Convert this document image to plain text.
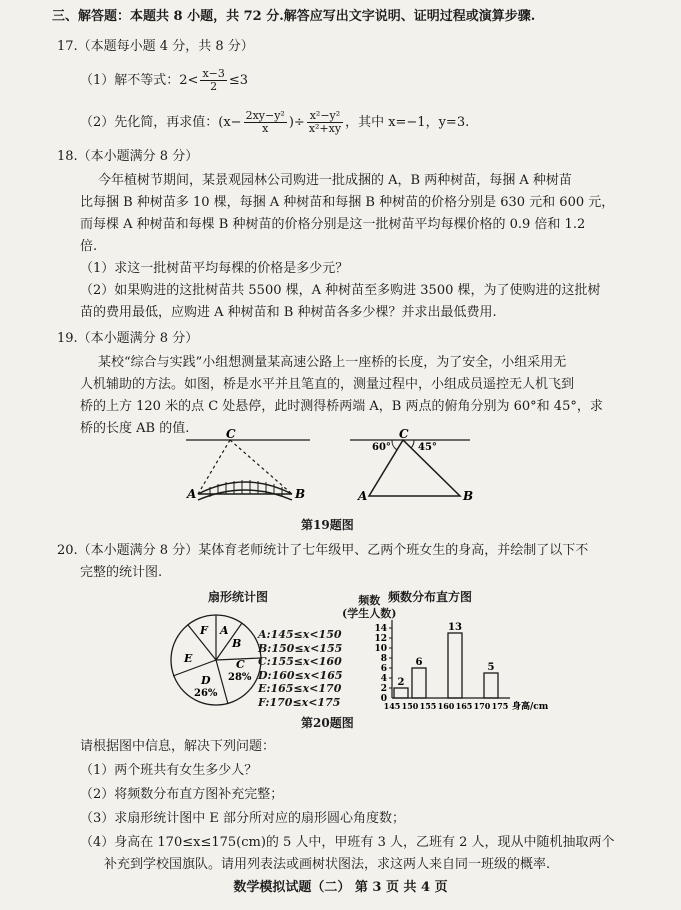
三、解答题：本题共 8 小题，共 72 分.解答应写出文字说明、证明过程或演算步骤.
17.（本题每小题 4 分，共 8 分）
（1）解不等式：$2< \frac{x-3}{2} \le 3$
（2）先化简，再求值：($x- \frac{\text{2xy−y²}}{x}$ )÷ $\frac{\text{x²−y²}}{\text{x²+xy}}$ ，其中 x=−1，y=3.
18.（本小题满分 8 分）
今年植树节期间，某景观园林公司购进一批成捆的 A，B 两种树苗，每捆 A 种树苗
比每捆 B 种树苗多 10 棵，每捆 A 种树苗和每捆 B 种树苗的价格分别是 630 元和 600 元，
而每棵 A 种树苗和每棵 B 种树苗的价格分别是这一批树苗平均每棵价格的 0.9 倍和 1.2
倍.
（1）求这一批树苗平均每棵的价格是多少元？
（2）如果购进的这批树苗共 5500 棵，A 种树苗至多购进 3500 棵，为了使购进的这批树
苗的费用最低，应购进 A 种树苗和 B 种树苗各多少棵？并求出最低费用.
19.（本小题满分 8 分）
某校“综合与实践”小组想测量某高速公路上一座桥的长度，为了安全，小组采用无
人机辅助的方法。如图，桥是水平并且笔直的，测量过程中，小组成员遥控无人机飞到
桥的上方 120 米的点 C 处悬停，此时测得桥两端 A，B 两点的俯角分别为 60°和 45°，求
桥的长度 AB 的值.	C
A	B
C
60°	45°
A	B
第19题图
20.（本小题满分 8 分）某体育老师统计了七年级甲、乙两个班女生的身高，并绘制了以下不
完整的统计图.
扇形统计图	频数分布直方图
F A
B
C
28%
D
26%
E
A:145≤x<150
B:150≤x<155
C:155≤x<160
D:160≤x<165
E:165≤x<170
F:170≤x<175
频数
(学生人数)
2
4
6
8
10
12
14
0
2
6
13
5
145 150 155 160 165 170 175 身高/cm
第20题图
请根据图中信息，解决下列问题：
（1）两个班共有女生多少人？
（2）将频数分布直方图补充完整；
（3）求扇形统计图中 E 部分所对应的扇形圆心角度数；
（4）身高在 170≤x≤175(cm)的 5 人中，甲班有 3 人，乙班有 2 人，现从中随机抽取两个
补充到学校国旗队。请用列表法或画树状图法，求这两人来自同一班级的概率.
数学模拟试题（二） 第 3 页 共 4 页
